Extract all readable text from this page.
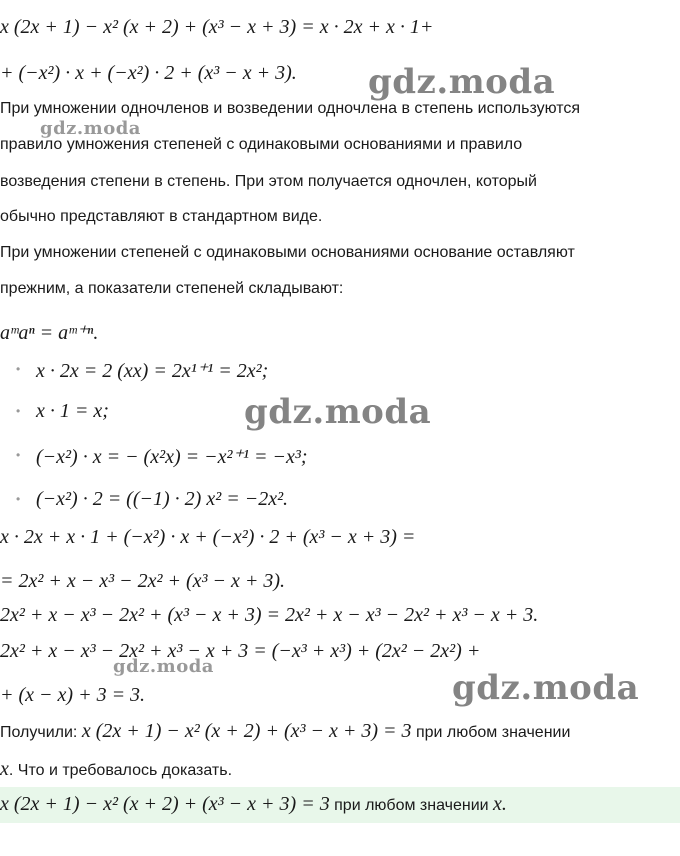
x (2x + 1) − x² (x + 2) + (x³ − x + 3) = x · 2x + x · 1+
+ (−x²) · x + (−x²) · 2 + (x³ − x + 3).
При умножении одночленов и возведении одночлена в степень используются
правило умножения степеней с одинаковыми основаниями и правило
возведения степени в степень. При этом получается одночлен, который
обычно представляют в стандартном виде.
При умножении степеней с одинаковыми основаниями основание оставляют
прежним, а показатели степеней складывают:
aᵐaⁿ = aᵐ⁺ⁿ.
• x · 2x = 2 (xx) = 2x¹⁺¹ = 2x²;
• x · 1 = x;
• (−x²) · x = − (x²x) = −x²⁺¹ = −x³;
• (−x²) · 2 = ((−1) · 2) x² = −2x².
x · 2x + x · 1 + (−x²) · x + (−x²) · 2 + (x³ − x + 3) =
= 2x² + x − x³ − 2x² + (x³ − x + 3).
2x² + x − x³ − 2x² + (x³ − x + 3) = 2x² + x − x³ − 2x² + x³ − x + 3.
2x² + x − x³ − 2x² + x³ − x + 3 = (−x³ + x³) + (2x² − 2x²) +
+ (x − x) + 3 = 3.
Получили: x (2x + 1) − x² (x + 2) + (x³ − x + 3) = 3 при любом значении
x. Что и требовалось доказать.
x (2x + 1) − x² (x + 2) + (x³ − x + 3) = 3 при любом значении x.
gdz.moda
gdz.moda
gdz.moda
gdz.moda
gdz.moda
